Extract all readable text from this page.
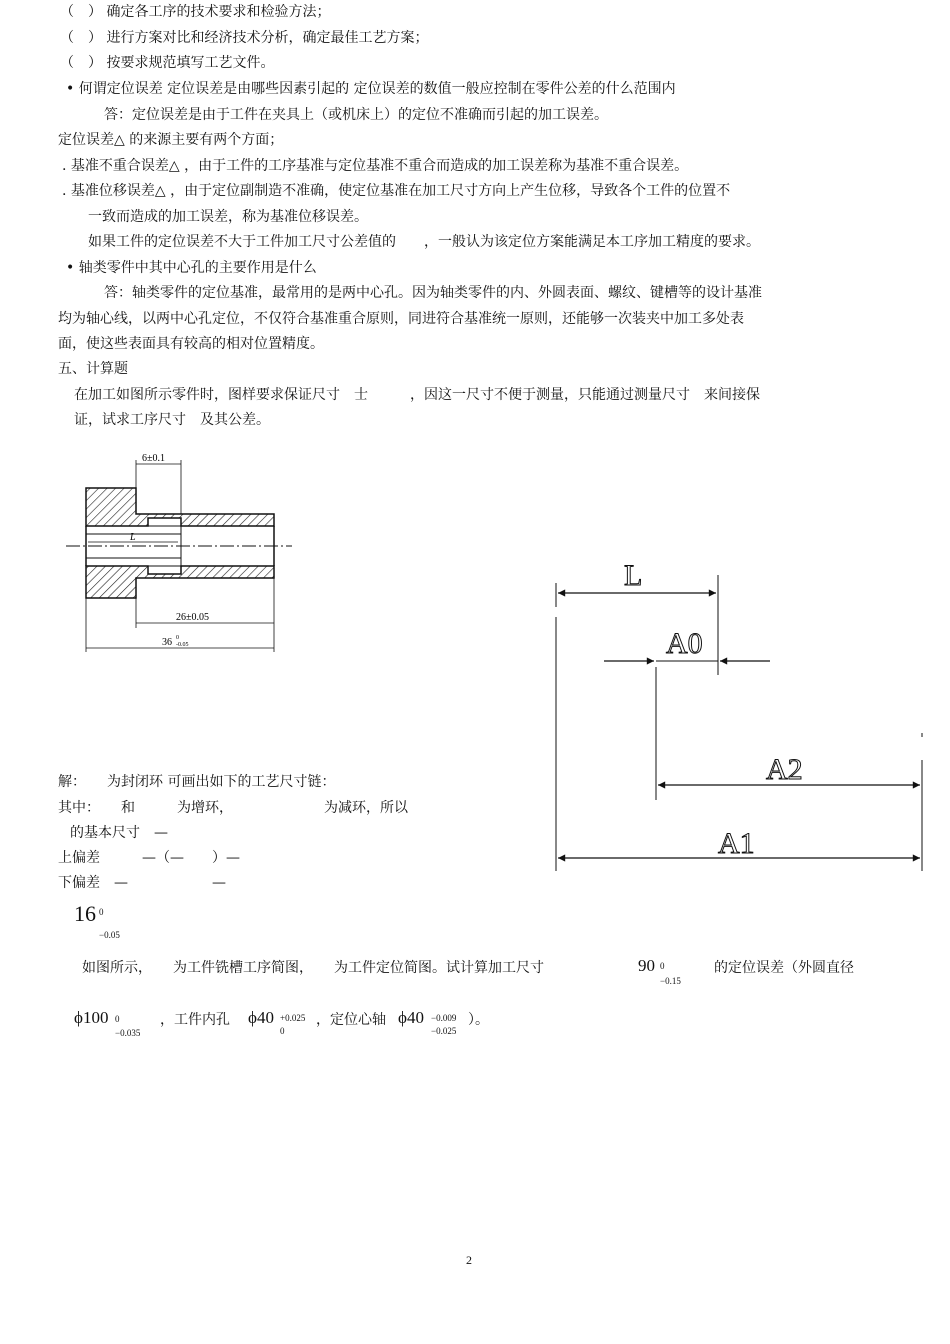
（　） 确定各工序的技术要求和检验方法；
（　） 进行方案对比和经济技术分析，确定最佳工艺方案；
（　） 按要求规范填写工艺文件。
• 何谓定位误差 定位误差是由哪些因素引起的 定位误差的数值一般应控制在零件公差的什么范围内
答：定位误差是由于工件在夹具上（或机床上）的定位不准确而引起的加工误差。
定位误差△ 的来源主要有两个方面；
. 基准不重合误差△ ，由于工件的工序基准与定位基准不重合而造成的加工误差称为基准不重合误差。
. 基准位移误差△ ，由于定位副制造不准确，使定位基准在加工尺寸方向上产生位移，导致各个工件的位置不
一致而造成的加工误差，称为基准位移误差。
如果工件的定位误差不大于工件加工尺寸公差值的　　，一般认为该定位方案能满足本工序加工精度的要求。
• 轴类零件中其中心孔的主要作用是什么
答：轴类零件的定位基准，最常用的是两中心孔。因为轴类零件的内、外圆表面、螺纹、键槽等的设计基准
均为轴心线，以两中心孔定位，不仅符合基准重合原则，同进符合基准统一原则，还能够一次装夹中加工多处表
面，使这些表面具有较高的相对位置精度。
五、计算题
在加工如图所示零件时，图样要求保证尺寸　士　　　，因这一尺寸不便于测量，只能通过测量尺寸　来间接保
证，试求工序尺寸　及其公差。
L
6±0.1
26±0.05
36 0
-0.05
L
A0
A2
A1
解：　　为封闭环 可画出如下的工艺尺寸链：
其中：　　和　　　为增环，　　　　　　　为减环，所以
的基本尺寸　—
上偏差　　　—（—　　）—
下偏差　—　　　　　　—
16 0
−0.05
如图所示，　　为工件铣槽工序简图，　　为工件定位简图。试计算加工尺寸	90 0
−0.15
的定位误差（外圆直径
ϕ100 0
−0.035
，工件内孔 ϕ40 +0.025
0
，定位心轴 ϕ40 −0.009
−0.025
）。
2
